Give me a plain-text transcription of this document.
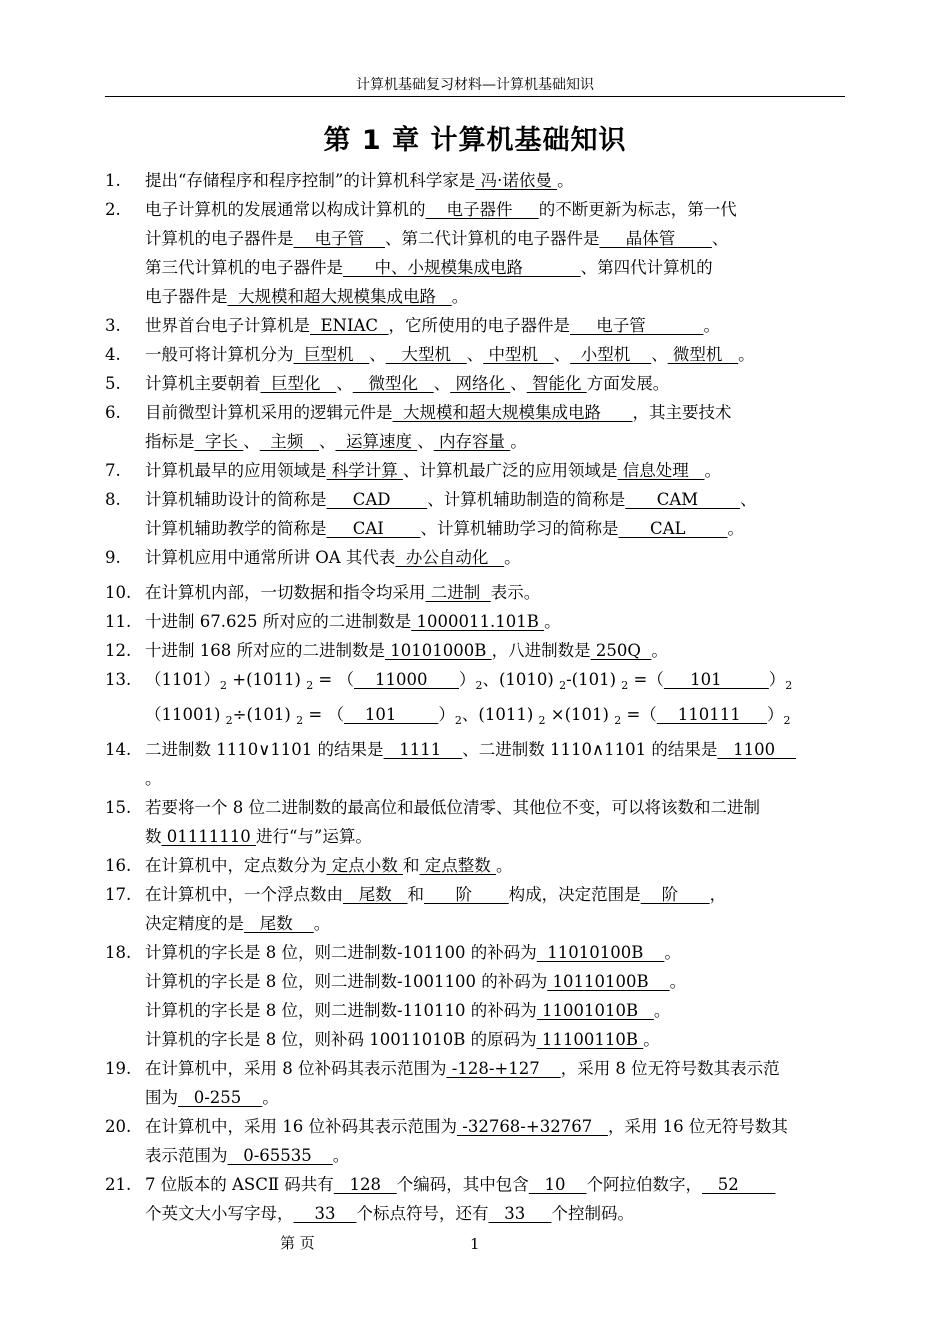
计算机基础复习材料—计算机基础知识
第 1 章 计算机基础知识
1.	提出“存储程序和程序控制”的计算机科学家是 冯·诺依曼 。
2.	电子计算机的发展通常以构成计算机的    电子器件     的不断更新为标志，第一代
计算机的电子器件是    电子管    、第二代计算机的电子器件是     晶体管       、
第三代计算机的电子器件是      中、小规模集成电路           、第四代计算机的
电子器件是  大规模和超大规模集成电路   。
3.	世界首台电子计算机是  ENIAC  ，它所使用的电子器件是     电子管           。
4.	一般可将计算机分为  巨型机   、   大型机   、 中型机   、  小型机    、 微型机   。
5.	计算机主要朝着  巨型化   、   微型化   、 网络化 、 智能化 方面发展。
6.	目前微型计算机采用的逻辑元件是  大规模和超大规模集成电路      ，其主要技术
指标是  字长 、  主频   、  运算速度 、 内存容量 。
7.	计算机最早的应用领域是 科学计算 、计算机最广泛的应用领域是 信息处理   。
8.	计算机辅助设计的简称是     CAD       、计算机辅助制造的简称是      CAM        、
计算机辅助教学的简称是     CAI       、计算机辅助学习的简称是      CAL        。
9.	计算机应用中通常所讲 OA 其代表  办公自动化   。
10. 在计算机内部，一切数据和指令均采用 二进制  表示。
11. 十进制 67.625 所对应的二进制数是 1000011.101B 。
12. 十进制 168 所对应的二进制数是 10101000B ，八进制数是 250Q  。
13. $(1101)_2 +(1011) _2$ = （    11000      ）$_2$、(1010) $_2$-(101) $_2$ =（     101         ）$_2$
（11001) $_2$÷(101) $_2$ = （    101        ）$_2$、(1011) $_2$ ×(101) $_2$ =（    110111     ）$_2$
14. 二进制数 1110∨1101 的结果是   1111    、二进制数 1110∧1101 的结果是   1100
。
15. 若要将一个 8 位二进制数的最高位和最低位清零、其他位不变，可以将该数和二进制
数 01111110 进行“与”运算。
16. 在计算机中，定点数分为 定点小数 和 定点整数 。
17. 在计算机中，一个浮点数由   尾数   和      阶       构成，决定范围是    阶      ，
决定精度的是   尾数    。
18. 计算机的字长是 8 位，则二进制数-101100 的补码为  11010100B    。
计算机的字长是 8 位，则二进制数-1001100 的补码为 10110100B    。
计算机的字长是 8 位，则二进制数-110110 的补码为 11001010B   。
计算机的字长是 8 位，则补码 10011010B 的原码为 11100110B 。
19. 在计算机中，采用 8 位补码其表示范围为 -128-+127    ，采用 8 位无符号数其表示范
围为   0-255    。
20. 在计算机中，采用 16 位补码其表示范围为 -32768-+32767   ，采用 16 位无符号数其
表示范围为   0-65535    。
21. 7 位版本的 ASCⅡ 码共有   128   个编码，其中包含   10    个阿拉伯数字，   52
个英文大小写字母，    33    个标点符号，还有   33     个控制码。
第 页	1
